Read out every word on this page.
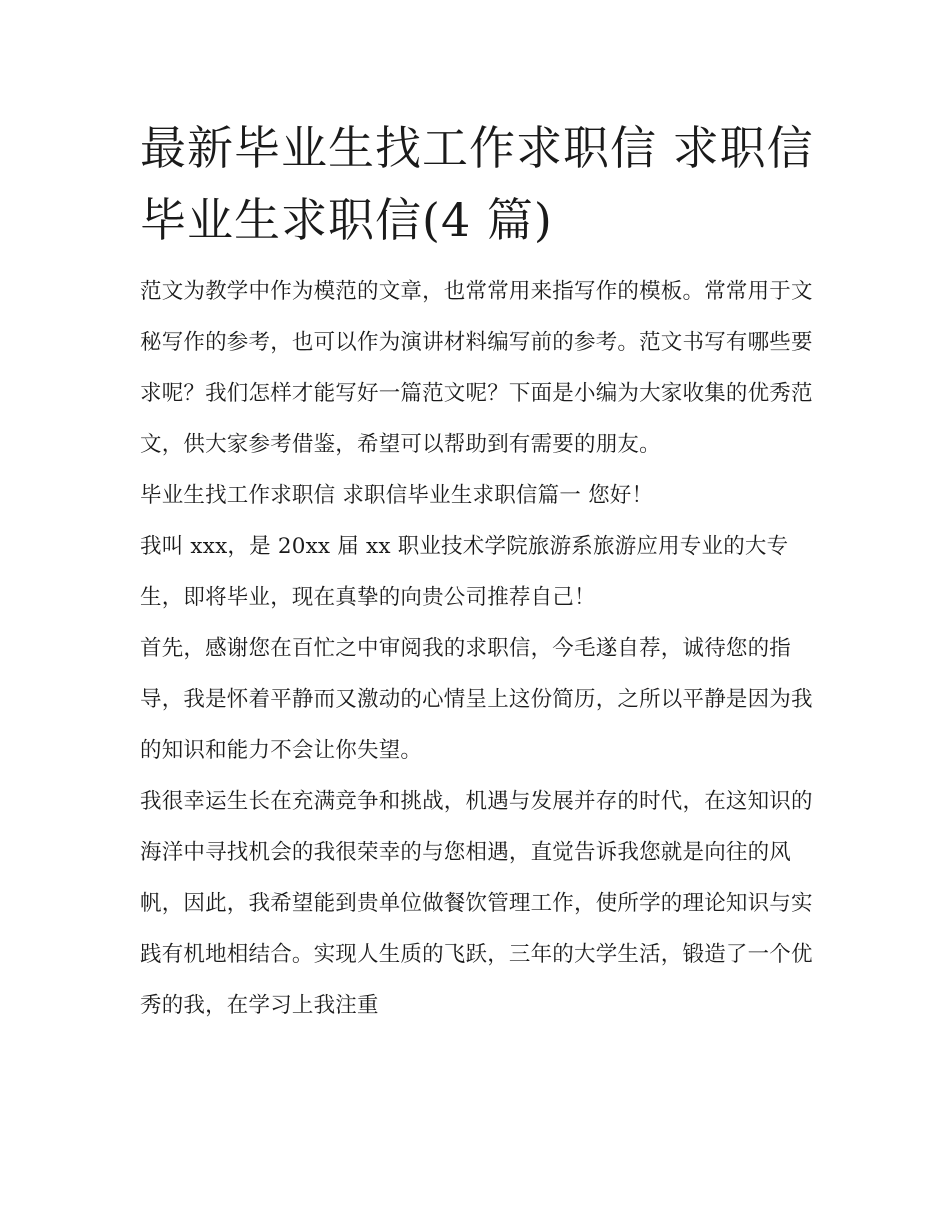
最新毕业生找工作求职信 求职信毕业生求职信(4 篇)

范文为教学中作为模范的文章，也常常用来指写作的模板。常常用于文秘写作的参考，也可以作为演讲材料编写前的参考。范文书写有哪些要求呢？我们怎样才能写好一篇范文呢？下面是小编为大家收集的优秀范文，供大家参考借鉴，希望可以帮助到有需要的朋友。

毕业生找工作求职信 求职信毕业生求职信篇一 您好！

我叫 xxx，是 20xx 届 xx 职业技术学院旅游系旅游应用专业的大专生，即将毕业，现在真挚的向贵公司推荐自己！

首先，感谢您在百忙之中审阅我的求职信，今毛遂自荐，诚待您的指导，我是怀着平静而又激动的心情呈上这份简历，之所以平静是因为我的知识和能力不会让你失望。

我很幸运生长在充满竞争和挑战，机遇与发展并存的时代，在这知识的海洋中寻找机会的我很荣幸的与您相遇，直觉告诉我您就是向往的风帆，因此，我希望能到贵单位做餐饮管理工作，使所学的理论知识与实践有机地相结合。实现人生质的飞跃，三年的大学生活，锻造了一个优秀的我，在学习上我注重
